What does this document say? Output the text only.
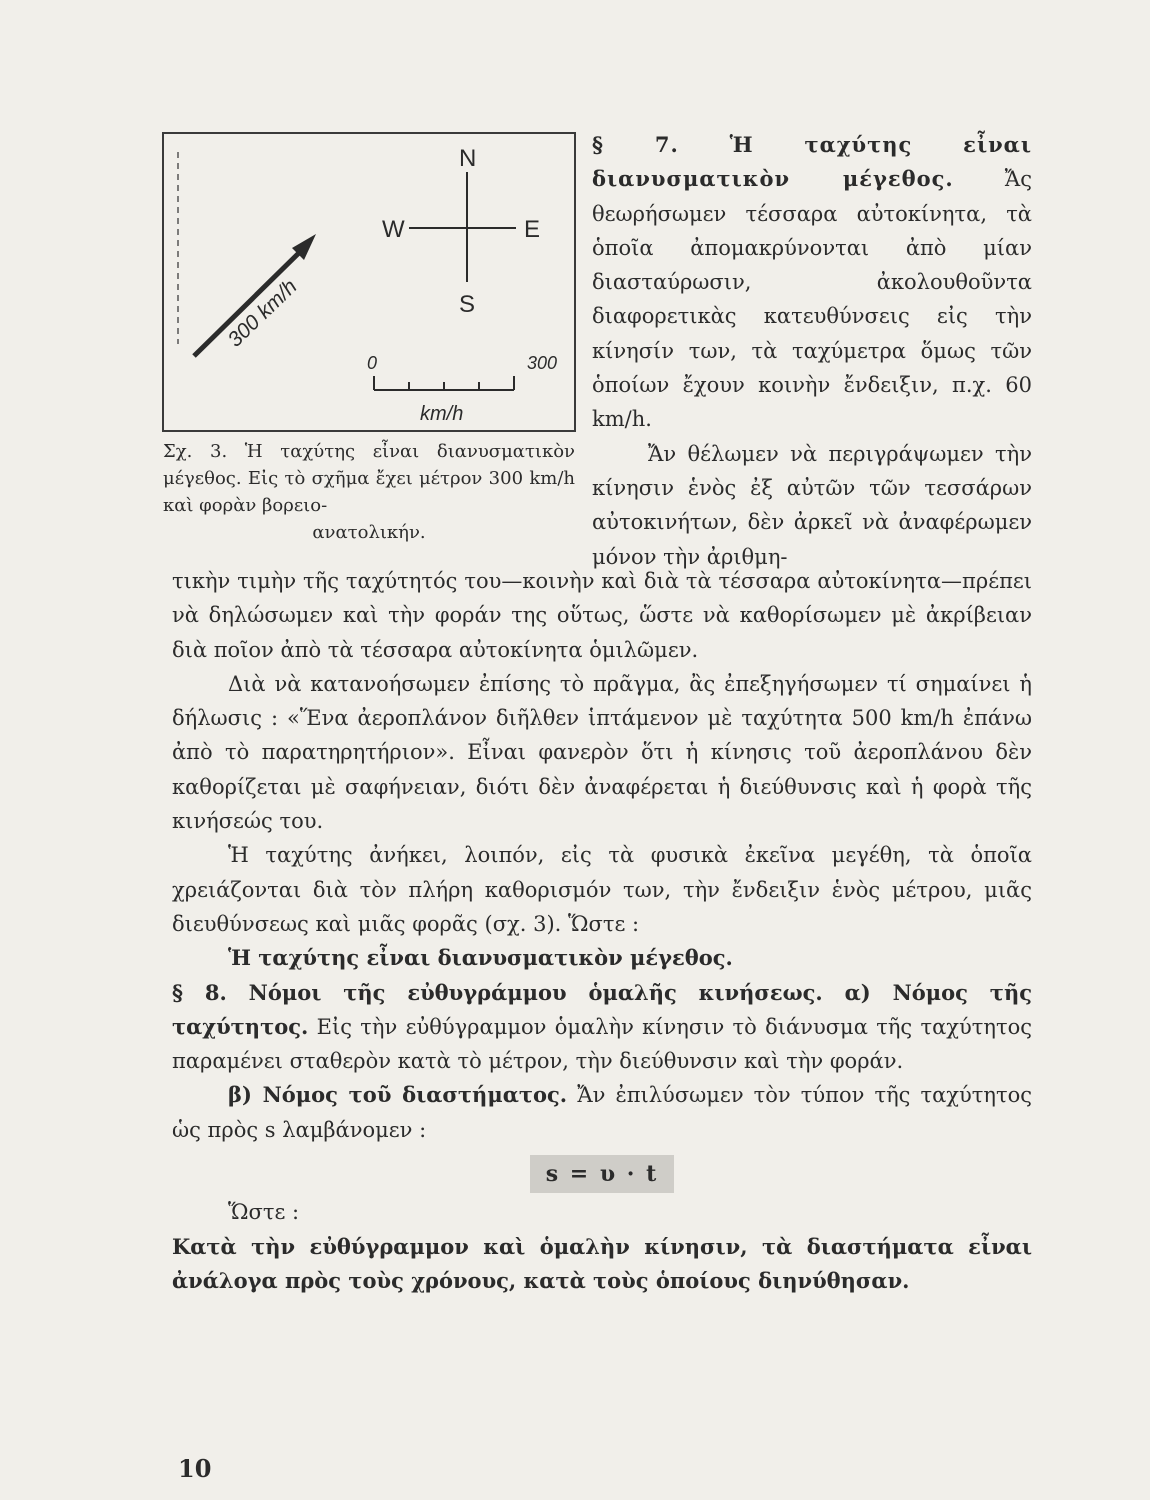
N
S
W	E
300 km/h
0	300
km/h
Σχ. 3. Ἡ ταχύτης εἶναι διανυσματικὸν μέγεθος. Εἰς τὸ σχῆμα ἔχει μέτρον 300 km/h καὶ φορὰν βορειο-
ανατολικήν.

§ 7. Ἡ ταχύτης εἶναι διανυσματικὸν μέγεθος. Ἄς θεωρήσωμεν τέσσαρα αὐτοκίνητα, τὰ ὁποῖα ἀπομακρύνονται ἀπὸ μίαν διασταύρωσιν, ἀκολουθοῦντα διαφορετικὰς κατευθύνσεις εἰς τὴν κίνησίν των, τὰ ταχύμετρα ὅμως τῶν ὁποίων ἔχουν κοινὴν ἔνδειξιν, π.χ. 60 km/h.

Ἄν θέλωμεν νὰ περιγράψωμεν τὴν κίνησιν ἑνὸς ἐξ αὐτῶν τῶν τεσσάρων αὐτοκινήτων, δὲν ἀρκεῖ νὰ ἀναφέρωμεν μόνον τὴν ἀριθμη-

τικὴν τιμὴν τῆς ταχύτητός του—κοινὴν καὶ διὰ τὰ τέσσαρα αὐτοκίνητα—πρέπει νὰ δηλώσωμεν καὶ τὴν φοράν της οὕτως, ὥστε νὰ καθορίσωμεν μὲ ἀκρίβειαν διὰ ποῖον ἀπὸ τὰ τέσσαρα αὐτοκίνητα ὁμιλῶμεν.

Διὰ νὰ κατανοήσωμεν ἐπίσης τὸ πρᾶγμα, ἂς ἐπεξηγήσωμεν τί σημαίνει ἡ δήλωσις : «Ἕνα ἀεροπλάνον διῆλθεν ἱπτάμενον μὲ ταχύτητα 500 km/h ἐπάνω ἀπὸ τὸ παρατηρητήριον». Εἶναι φανερὸν ὅτι ἡ κίνησις τοῦ ἀεροπλάνου δὲν καθορίζεται μὲ σαφήνειαν, διότι δὲν ἀναφέρεται ἡ διεύθυνσις καὶ ἡ φορὰ τῆς κινήσεώς του.

Ἡ ταχύτης ἀνήκει, λοιπόν, εἰς τὰ φυσικὰ ἐκεῖνα μεγέθη, τὰ ὁποῖα χρειάζονται διὰ τὸν πλήρη καθορισμόν των, τὴν ἔνδειξιν ἑνὸς μέτρου, μιᾶς διευθύνσεως καὶ μιᾶς φορᾶς (σχ. 3). Ὥστε :

Ἡ ταχύτης εἶναι διανυσματικὸν μέγεθος.

§ 8. Νόμοι τῆς εὐθυγράμμου ὁμαλῆς κινήσεως. α) Νόμος τῆς ταχύτητος. Εἰς τὴν εὐθύγραμμον ὁμαλὴν κίνησιν τὸ διάνυσμα τῆς ταχύτητος παραμένει σταθερὸν κατὰ τὸ μέτρον, τὴν διεύθυνσιν καὶ τὴν φοράν.

β) Νόμος τοῦ διαστήματος. Ἄν ἐπιλύσωμεν τὸν τύπον τῆς ταχύτητος ὡς πρὸς s λαμβάνομεν :

s = υ · t

Ὥστε :

Κατὰ τὴν εὐθύγραμμον καὶ ὁμαλὴν κίνησιν, τὰ διαστήματα εἶναι ἀνάλογα πρὸς τοὺς χρόνους, κατὰ τοὺς ὁποίους διηνύθησαν.

10
